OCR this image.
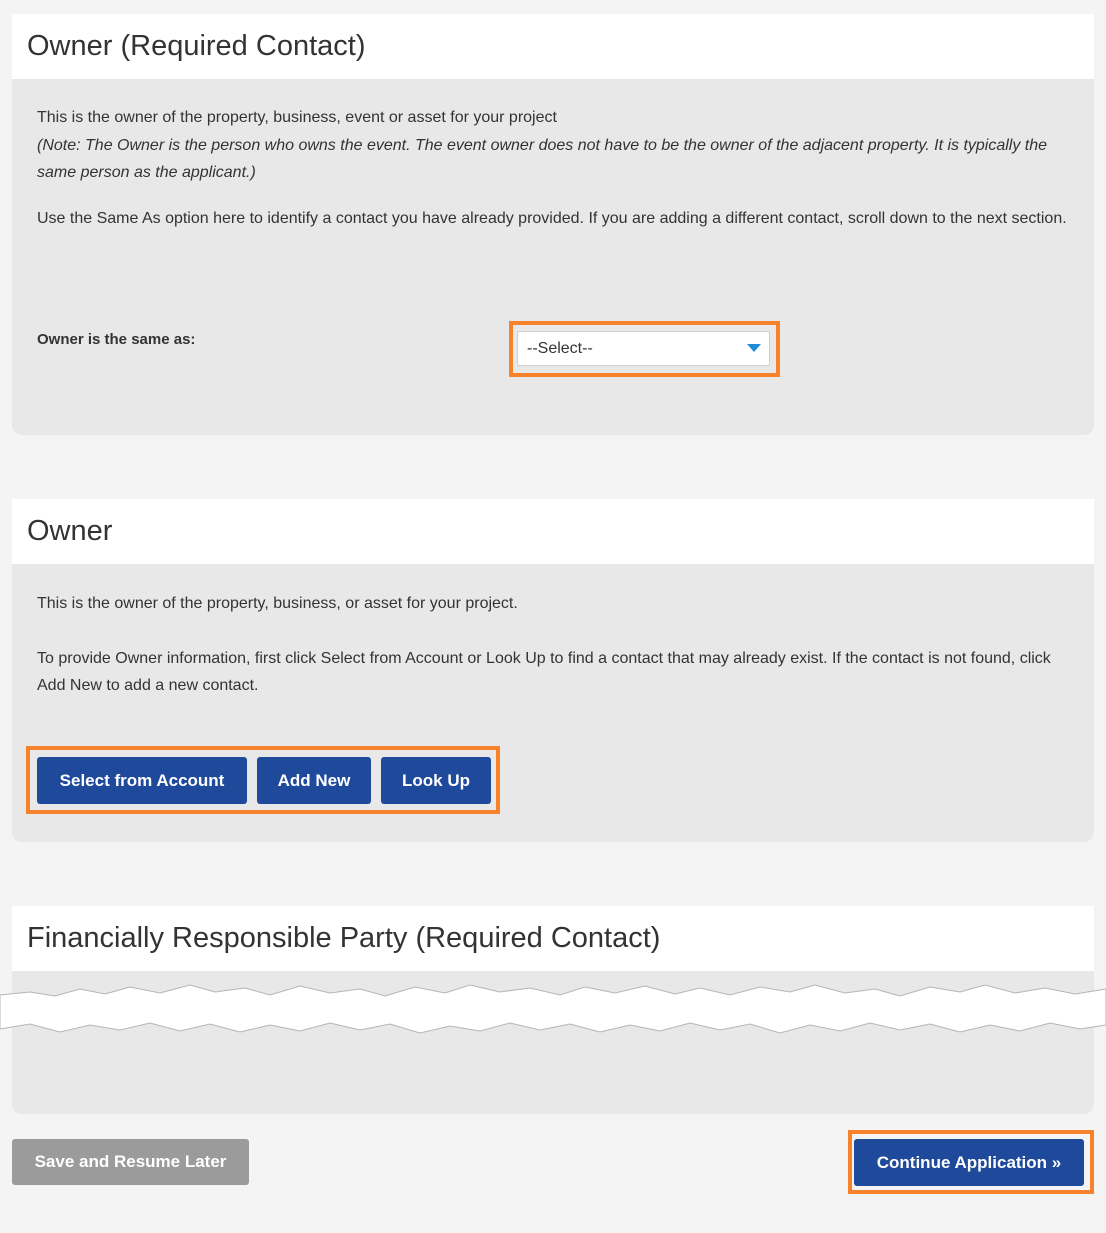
Owner (Required Contact)

This is the owner of the property, business, event or asset for your project

(Note: The Owner is the person who owns the event. The event owner does not have to be the owner of the adjacent property. It is typically the same person as the applicant.)

Use the Same As option here to identify a contact you have already provided. If you are adding a different contact, scroll down to the next section.

Owner is the same as:	--Select--
Owner

This is the owner of the property, business, or asset for your project.

To provide Owner information, first click Select from Account or Look Up to find a contact that may already exist. If the contact is not found, click Add New to add a new contact.

Select from Account	Add New	Look Up
Financially Responsible Party (Required Contact)
Save and Resume Later	Continue Application »
